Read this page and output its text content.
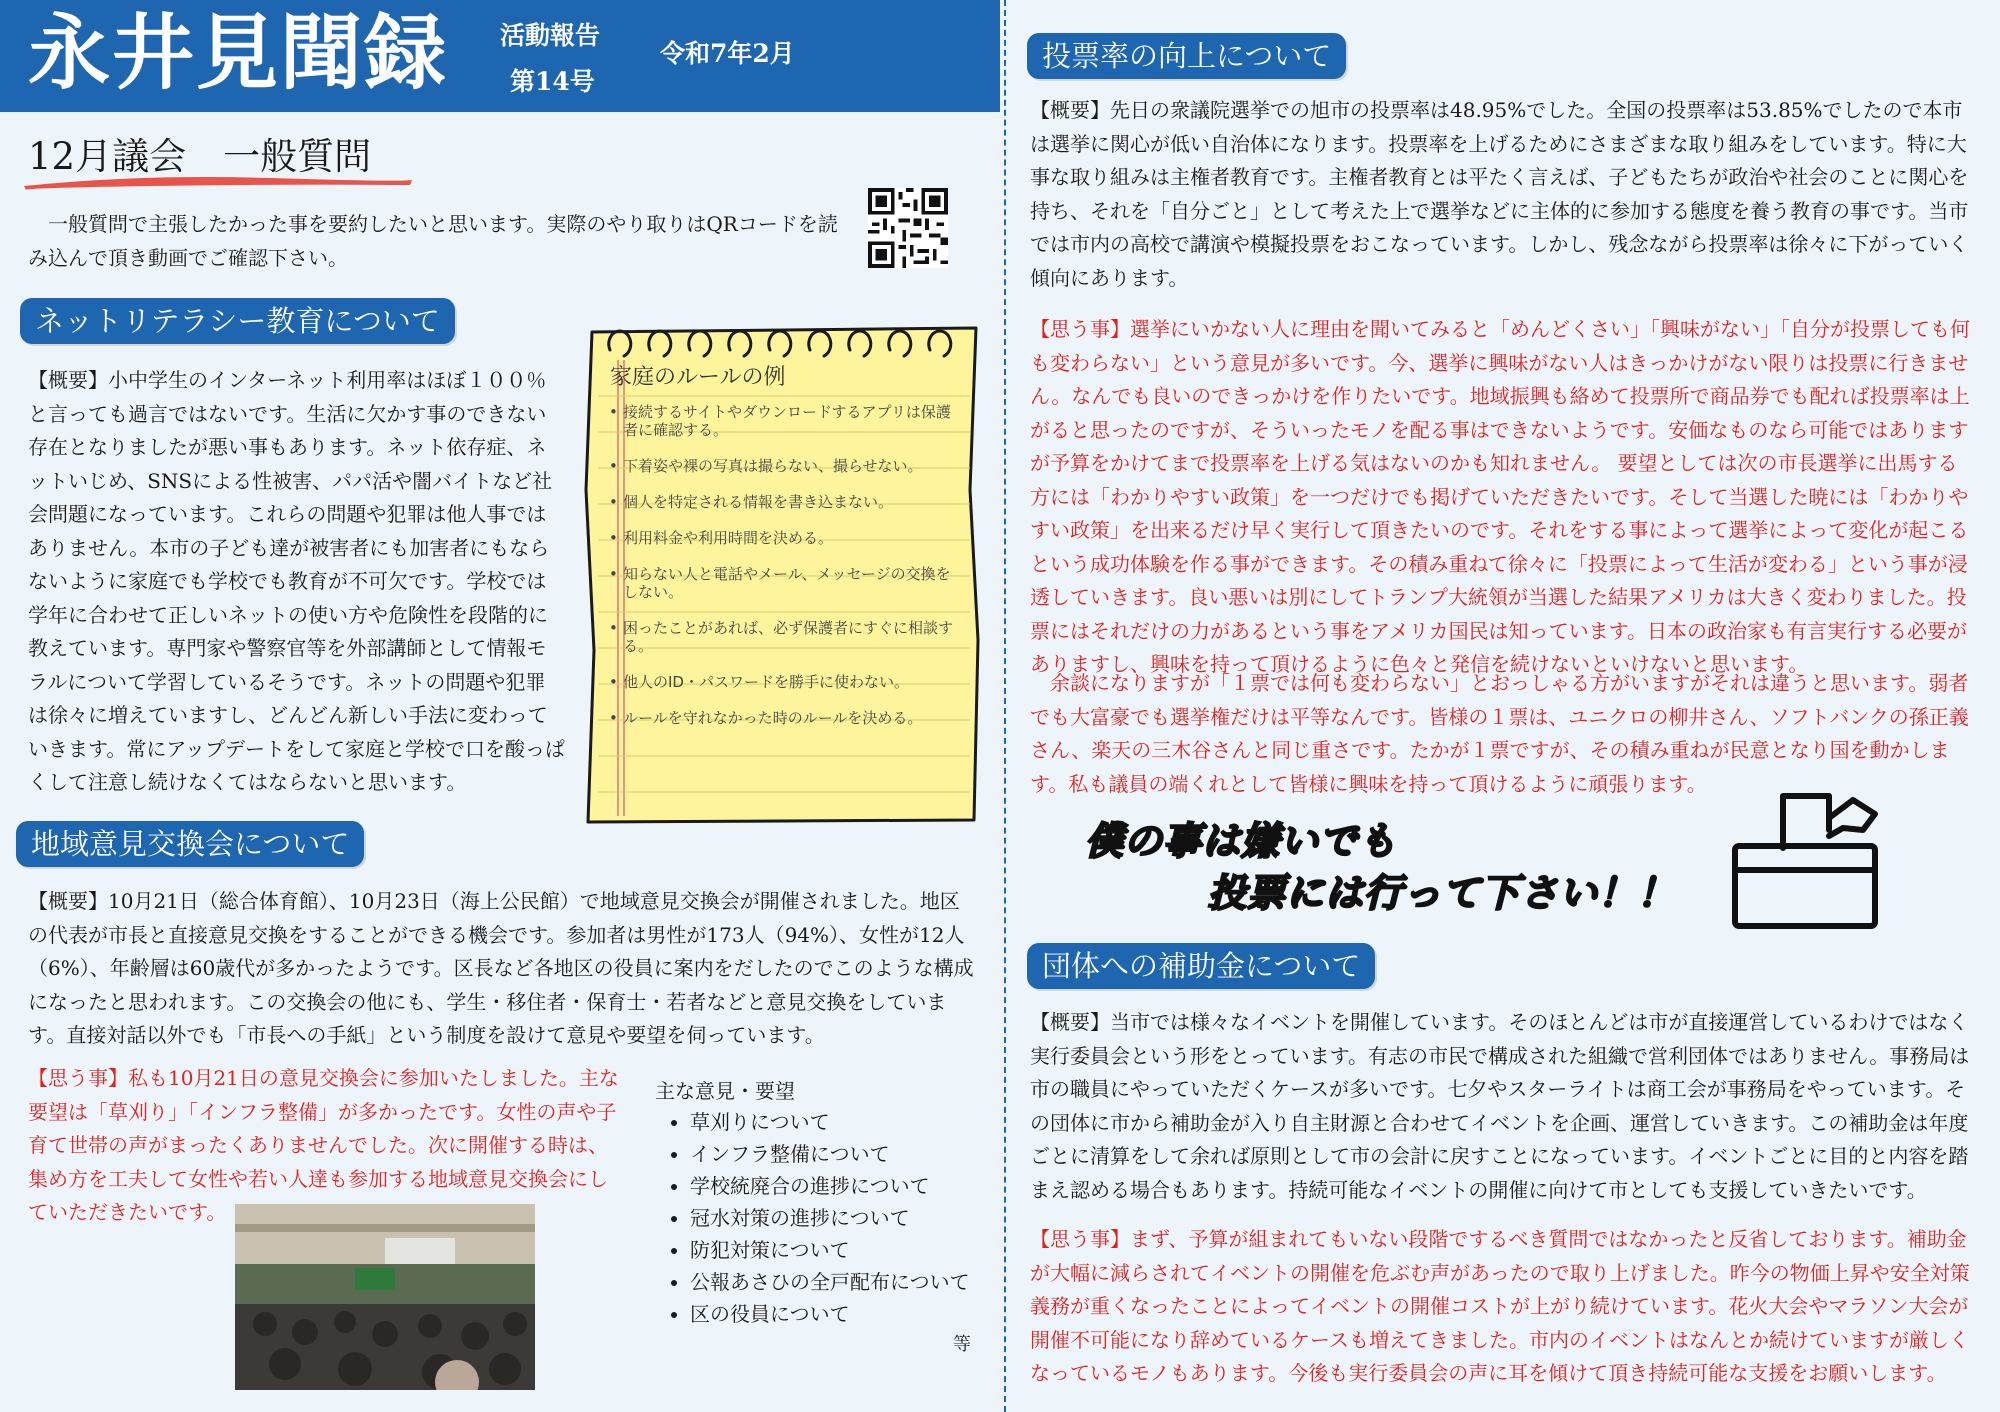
永井見聞録 活動報告
第14号
令和7年2月
12月議会　一般質問

　一般質問で主張したかった事を要約したいと思います。実際のやり取りはQRコードを読み込んで頂き動画でご確認下さい。

ネットリテラシー教育について

【概要】小中学生のインターネット利用率はほぼ１００％と言っても過言ではないです。生活に欠かす事のできない存在となりましたが悪い事もあります。ネット依存症、ネットいじめ、SNSによる性被害、パパ活や闇バイトなど社会問題になっています。これらの問題や犯罪は他人事ではありません。本市の子ども達が被害者にも加害者にもならないように家庭でも学校でも教育が不可欠です。学校では学年に合わせて正しいネットの使い方や危険性を段階的に教えています。専門家や警察官等を外部講師として情報モラルについて学習しているそうです。ネットの問題や犯罪は徐々に増えていますし、どんどん新しい手法に変わっていきます。常にアップデートをして家庭と学校で口を酸っぱくして注意し続けなくてはならないと思います。

家庭のルールの例
• 接続するサイトやダウンロードするアプリは保護者に確認する。
• 下着姿や裸の写真は撮らない、撮らせない。
• 個人を特定される情報を書き込まない。
• 利用料金や利用時間を決める。
• 知らない人と電話やメール、メッセージの交換をしない。
• 困ったことがあれば、必ず保護者にすぐに相談する。
• 他人のID・パスワードを勝手に使わない。
• ルールを守れなかった時のルールを決める。
地域意見交換会について

【概要】10月21日（総合体育館）、10月23日（海上公民館）で地域意見交換会が開催されました。地区の代表が市長と直接意見交換をすることができる機会です。参加者は男性が173人（94%）、女性が12人（6%）、年齢層は60歳代が多かったようです。区長など各地区の役員に案内をだしたのでこのような構成になったと思われます。この交換会の他にも、学生・移住者・保育士・若者などと意見交換をしています。直接対話以外でも「市長への手紙」という制度を設けて意見や要望を伺っています。

【思う事】私も10月21日の意見交換会に参加いたしました。主な要望は「草刈り」「インフラ整備」が多かったです。女性の声や子育て世帯の声がまったくありませんでした。次に開催する時は、集め方を工夫して女性や若い人達も参加する地域意見交換会にしていただきたいです。

主な意見・要望
• 草刈りについて
• インフラ整備について
• 学校統廃合の進捗について
• 冠水対策の進捗について
• 防犯対策について
• 公報あさひの全戸配布について
• 区の役員について
等
投票率の向上について

【概要】先日の衆議院選挙での旭市の投票率は48.95%でした。全国の投票率は53.85%でしたので本市は選挙に関心が低い自治体になります。投票率を上げるためにさまざまな取り組みをしています。特に大事な取り組みは主権者教育です。主権者教育とは平たく言えば、子どもたちが政治や社会のことに関心を持ち、それを「自分ごと」として考えた上で選挙などに主体的に参加する態度を養う教育の事です。当市では市内の高校で講演や模擬投票をおこなっています。しかし、残念ながら投票率は徐々に下がっていく傾向にあります。

【思う事】選挙にいかない人に理由を聞いてみると「めんどくさい」「興味がない」「自分が投票しても何も変わらない」という意見が多いです。今、選挙に興味がない人はきっかけがない限りは投票に行きません。なんでも良いのできっかけを作りたいです。地域振興も絡めて投票所で商品券でも配れば投票率は上がると思ったのですが、そういったモノを配る事はできないようです。安価なものなら可能ではありますが予算をかけてまで投票率を上げる気はないのかも知れません。 要望としては次の市長選挙に出馬する方には「わかりやすい政策」を一つだけでも掲げていただきたいです。そして当選した暁には「わかりやすい政策」を出来るだけ早く実行して頂きたいのです。それをする事によって選挙によって変化が起こるという成功体験を作る事ができます。その積み重ねて徐々に「投票によって生活が変わる」という事が浸透していきます。良い悪いは別にしてトランプ大統領が当選した結果アメリカは大きく変わりました。投票にはそれだけの力があるという事をアメリカ国民は知っています。日本の政治家も有言実行する必要がありますし、興味を持って頂けるように色々と発信を続けないといけないと思います。

　余談になりますが「１票では何も変わらない」とおっしゃる方がいますがそれは違うと思います。弱者でも大富豪でも選挙権だけは平等なんです。皆様の１票は、ユニクロの柳井さん、ソフトバンクの孫正義さん、楽天の三木谷さんと同じ重さです。たかが１票ですが、その積み重ねが民意となり国を動かします。私も議員の端くれとして皆様に興味を持って頂けるように頑張ります。

僕の事は嫌いでも
投票には行って下さい！！
団体への補助金について

【概要】当市では様々なイベントを開催しています。そのほとんどは市が直接運営しているわけではなく実行委員会という形をとっています。有志の市民で構成された組織で営利団体ではありません。事務局は市の職員にやっていただくケースが多いです。七夕やスターライトは商工会が事務局をやっています。その団体に市から補助金が入り自主財源と合わせてイベントを企画、運営していきます。この補助金は年度ごとに清算をして余れば原則として市の会計に戻すことになっています。イベントごとに目的と内容を踏まえ認める場合もあります。持続可能なイベントの開催に向けて市としても支援していきたいです。

【思う事】まず、予算が組まれてもいない段階でするべき質問ではなかったと反省しております。補助金が大幅に減らされてイベントの開催を危ぶむ声があったので取り上げました。昨今の物価上昇や安全対策義務が重くなったことによってイベントの開催コストが上がり続けています。花火大会やマラソン大会が開催不可能になり辞めているケースも増えてきました。市内のイベントはなんとか続けていますが厳しくなっているモノもあります。今後も実行委員会の声に耳を傾けて頂き持続可能な支援をお願いします。
